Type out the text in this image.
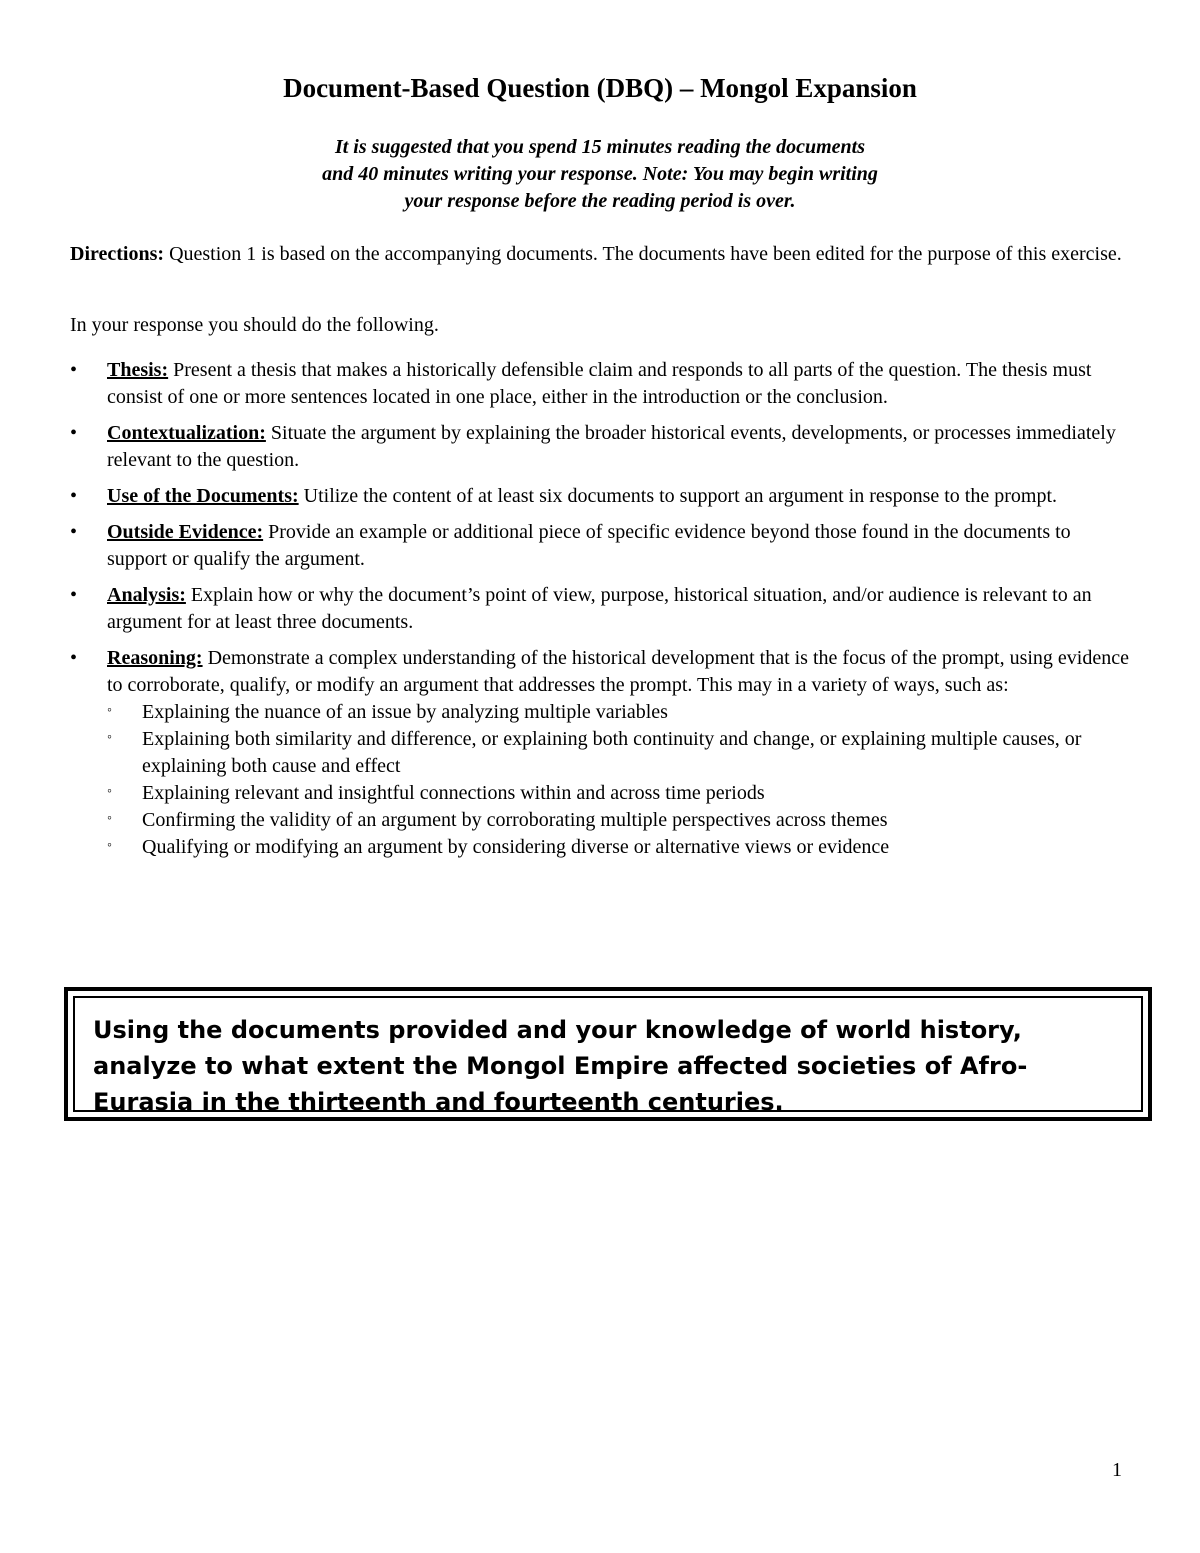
Document-Based Question (DBQ) – Mongol Expansion
It is suggested that you spend 15 minutes reading the documents
and 40 minutes writing your response. Note: You may begin writing
your response before the reading period is over.
Directions: Question 1 is based on the accompanying documents. The documents have been edited for the purpose of this exercise.
In your response you should do the following.
• Thesis: Present a thesis that makes a historically defensible claim and responds to all parts of the question. The thesis must consist of one or more sentences located in one place, either in the introduction or the conclusion.
• Contextualization: Situate the argument by explaining the broader historical events, developments, or processes immediately relevant to the question.
• Use of the Documents: Utilize the content of at least six documents to support an argument in response to the prompt.
• Outside Evidence: Provide an example or additional piece of specific evidence beyond those found in the documents to support or qualify the argument.
• Analysis: Explain how or why the document’s point of view, purpose, historical situation, and/or audience is relevant to an argument for at least three documents.
• Reasoning: Demonstrate a complex understanding of the historical development that is the focus of the prompt, using evidence to corroborate, qualify, or modify an argument that addresses the prompt. This may in a variety of ways, such as:
◦ Explaining the nuance of an issue by analyzing multiple variables
◦ Explaining both similarity and difference, or explaining both continuity and change, or explaining multiple causes, or explaining both cause and effect
◦ Explaining relevant and insightful connections within and across time periods
◦ Confirming the validity of an argument by corroborating multiple perspectives across themes
◦ Qualifying or modifying an argument by considering diverse or alternative views or evidence
Using the documents provided and your knowledge of world history, analyze to what extent the Mongol Empire affected societies of Afro-Eurasia in the thirteenth and fourteenth centuries.
1
